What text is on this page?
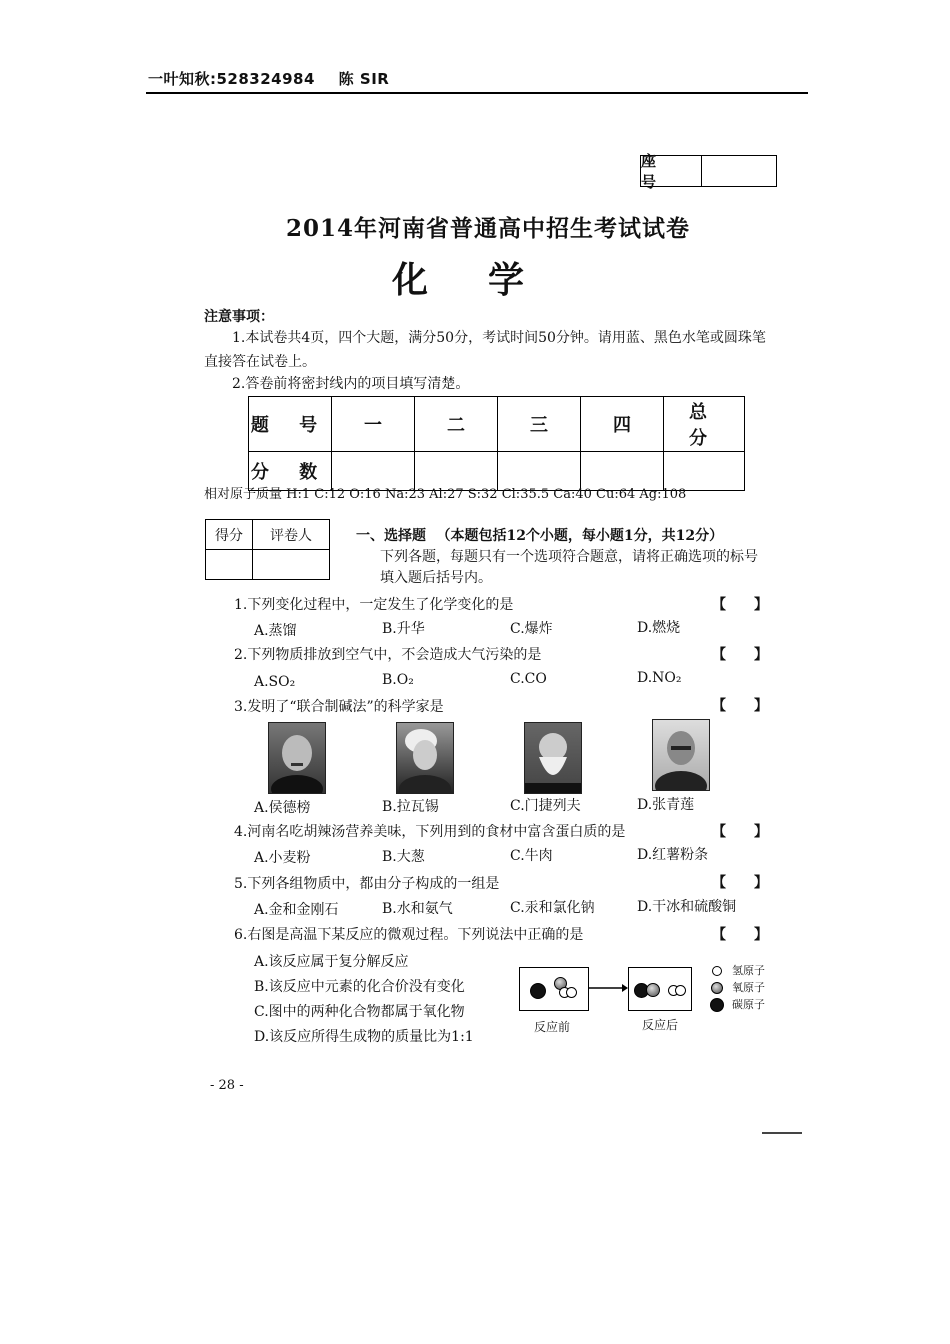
一叶知秋:528324984 陈 SIR
座 号
2014年河南省普通高中招生考试试卷
化学
注意事项：
1.本试卷共4页，四个大题，满分50分，考试时间50分钟。请用蓝、黑色水笔或圆珠笔
直接答在试卷上。
2.答卷前将密封线内的项目填写清楚。
题 号	一	二	三	四	总 分
分 数					
相对原子质量 H:1 C:12 O:16 Na:23 Al:27 S:32 Cl:35.5 Ca:40 Cu:64 Ag:108
得分	评卷人
		一、选择题 （本题包括12个小题，每小题1分，共12分）
下列各题，每题只有一个选项符合题意，请将正确选项的标号
填入题后括号内。
1.下列变化过程中，一定发生了化学变化的是	【　　】
A.蒸馏	B.升华	C.爆炸	D.燃烧
2.下列物质排放到空气中，不会造成大气污染的是	【　　】
A.SO₂	B.O₂	C.CO	D.NO₂
3.发明了“联合制碱法”的科学家是	【　　】
A.侯德榜	B.拉瓦锡	C.门捷列夫	D.张青莲
4.河南名吃胡辣汤营养美味，下列用到的食材中富含蛋白质的是	【　　】
A.小麦粉	B.大葱	C.牛肉	D.红薯粉条
5.下列各组物质中，都由分子构成的一组是	【　　】
A.金和金刚石	B.水和氨气	C.汞和氯化钠	D.干冰和硫酸铜
6.右图是高温下某反应的微观过程。下列说法中正确的是	【　　】
A.该反应属于复分解反应
B.该反应中元素的化合价没有变化
C.图中的两种化合物都属于氧化物
D.该反应所得生成物的质量比为1:1
反应前	反应后
氢原子
氧原子
碳原子
- 28 -
